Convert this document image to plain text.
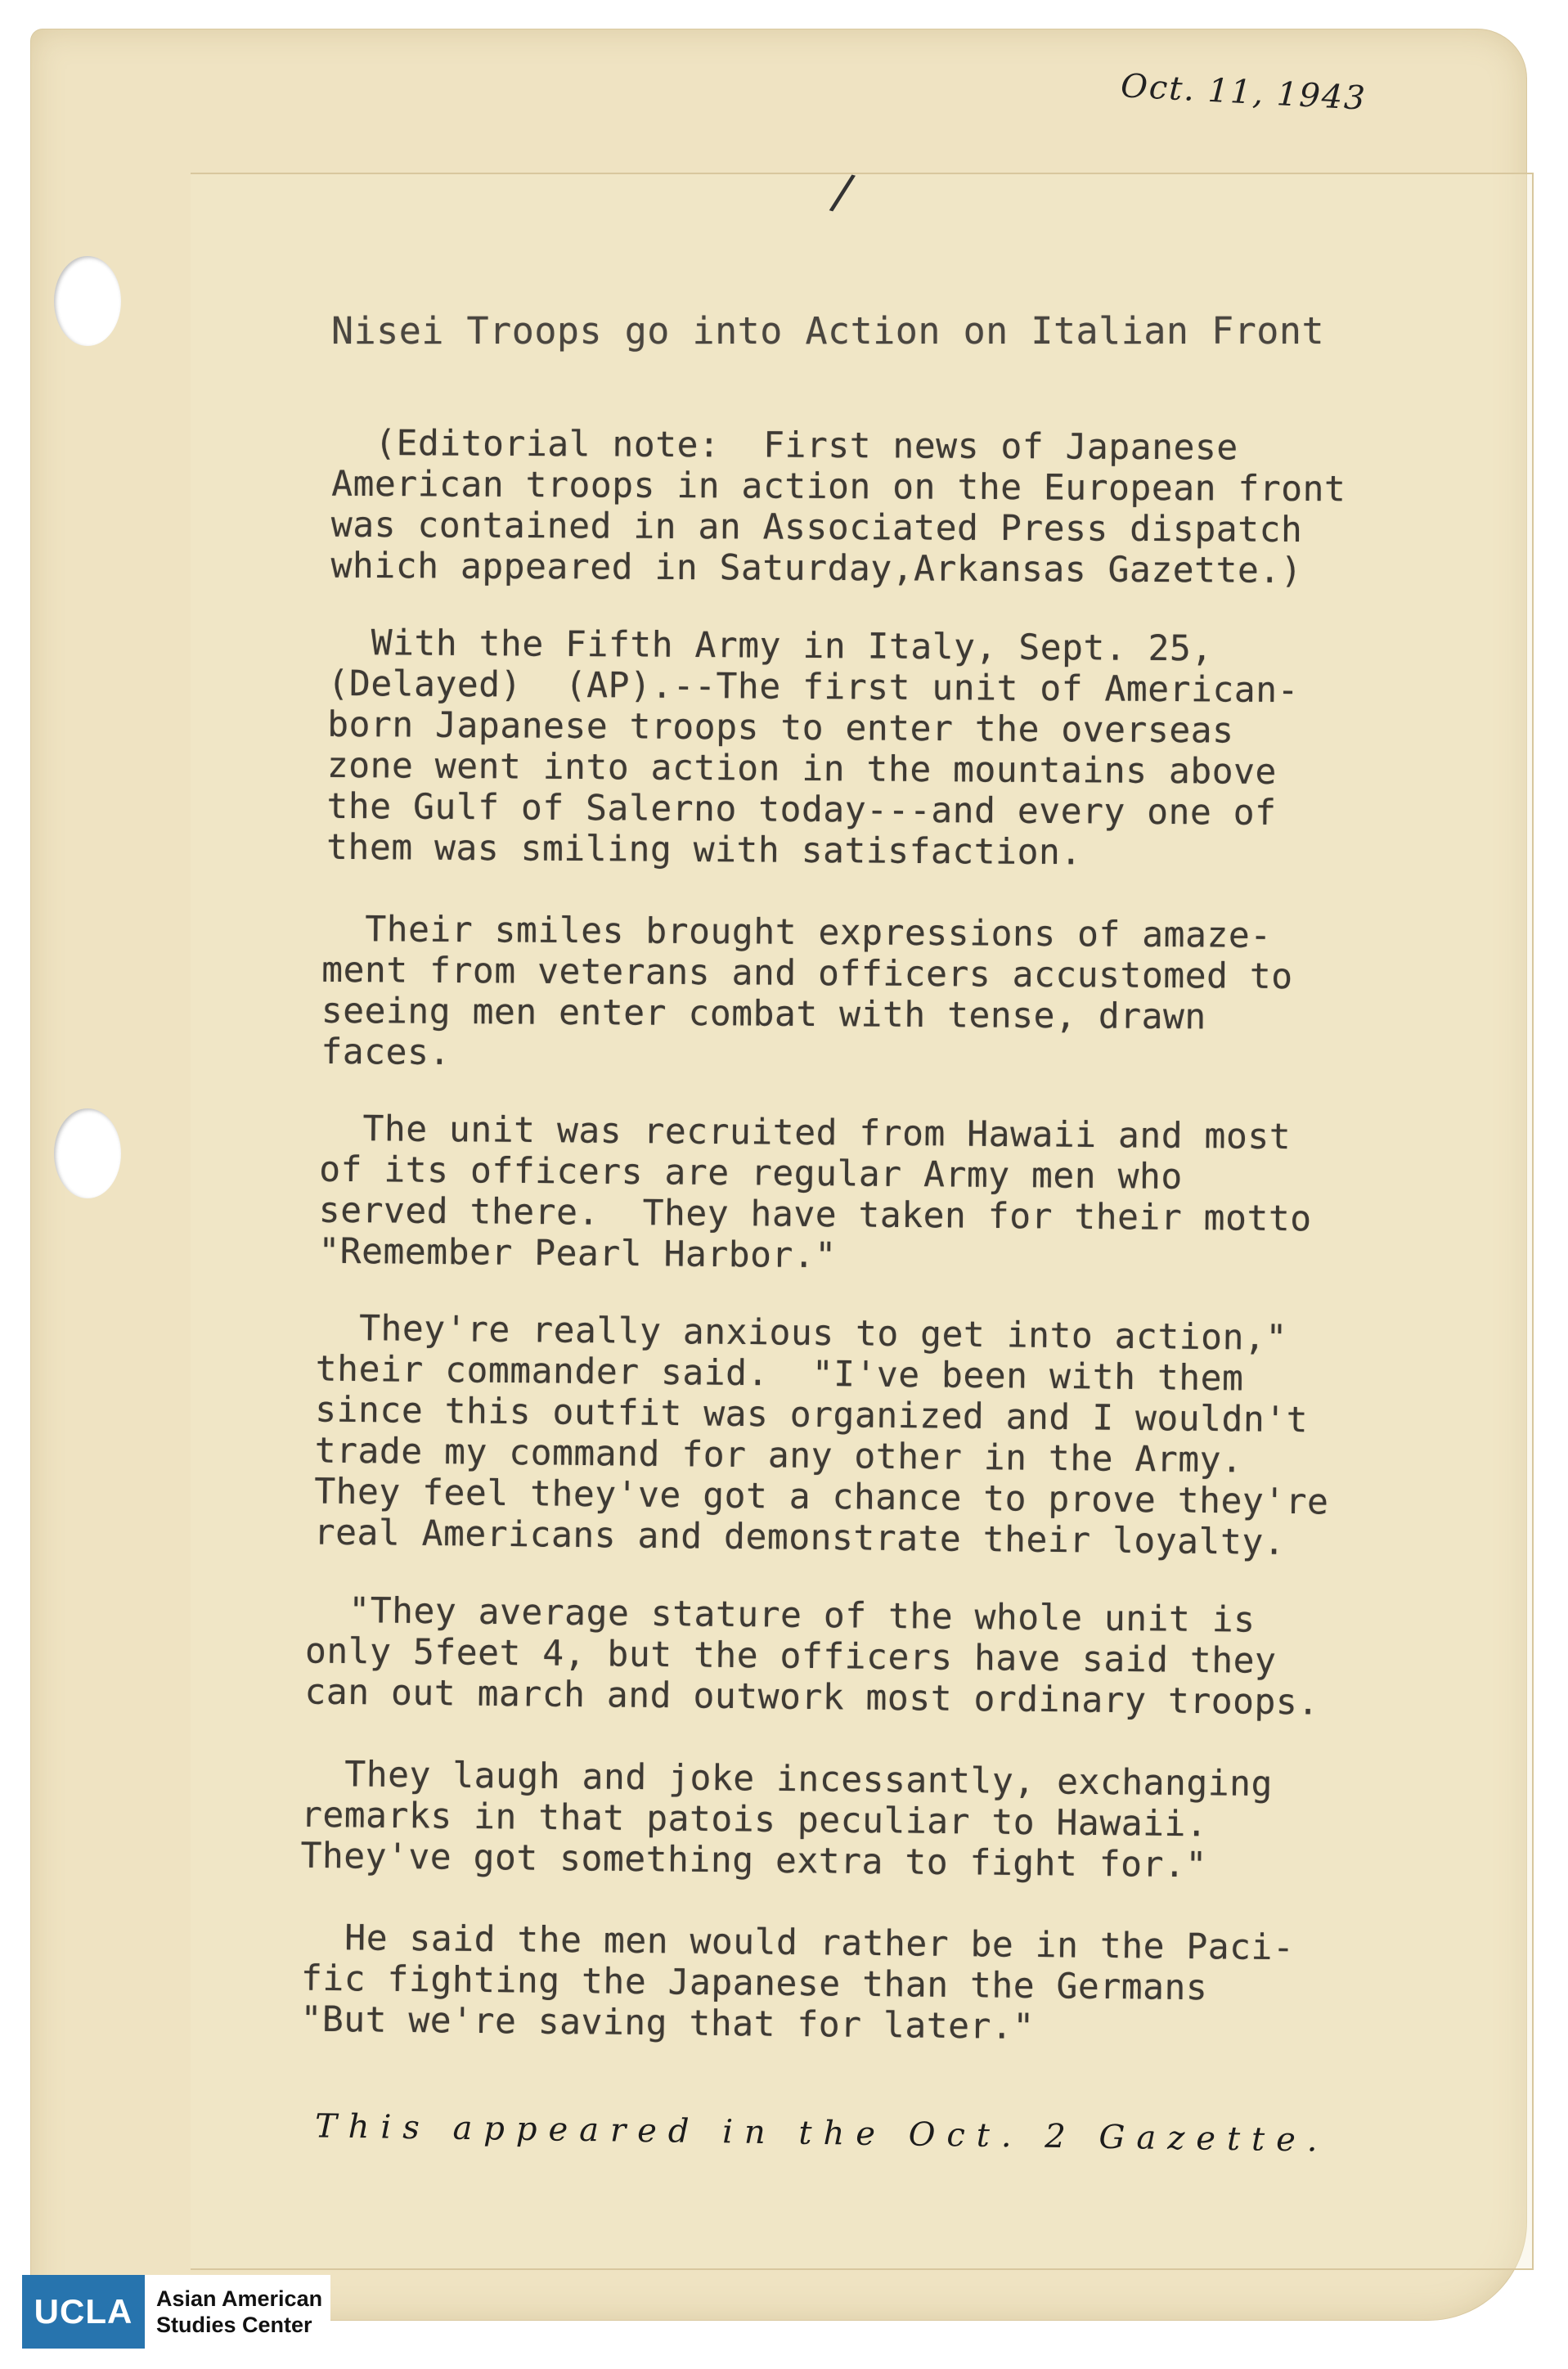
Oct. 11, 1943
/
Nisei Troops go into Action on Italian Front
(Editorial note:  First news of Japanese
American troops in action on the European front
was contained in an Associated Press dispatch
which appeared in Saturday,Arkansas Gazette.)
With the Fifth Army in Italy, Sept. 25,
(Delayed)  (AP).--The first unit of American-
born Japanese troops to enter the overseas
zone went into action in the mountains above
the Gulf of Salerno today---and every one of
them was smiling with satisfaction.
Their smiles brought expressions of amaze-
ment from veterans and officers accustomed to
seeing men enter combat with tense, drawn
faces.
The unit was recruited from Hawaii and most
of its officers are regular Army men who
served there.  They have taken for their motto
"Remember Pearl Harbor."
They're really anxious to get into action,"
their commander said.  "I've been with them
since this outfit was organized and I wouldn't
trade my command for any other in the Army.
They feel they've got a chance to prove they're
real Americans and demonstrate their loyalty.
"They average stature of the whole unit is
only 5feet 4, but the officers have said they
can out march and outwork most ordinary troops.
They laugh and joke incessantly, exchanging
remarks in that patois peculiar to Hawaii.
They've got something extra to fight for."
He said the men would rather be in the Paci-
fic fighting the Japanese than the Germans
"But we're saving that for later."
This appeared in the Oct. 2 Gazette.
UCLA	Asian American
Studies Center
